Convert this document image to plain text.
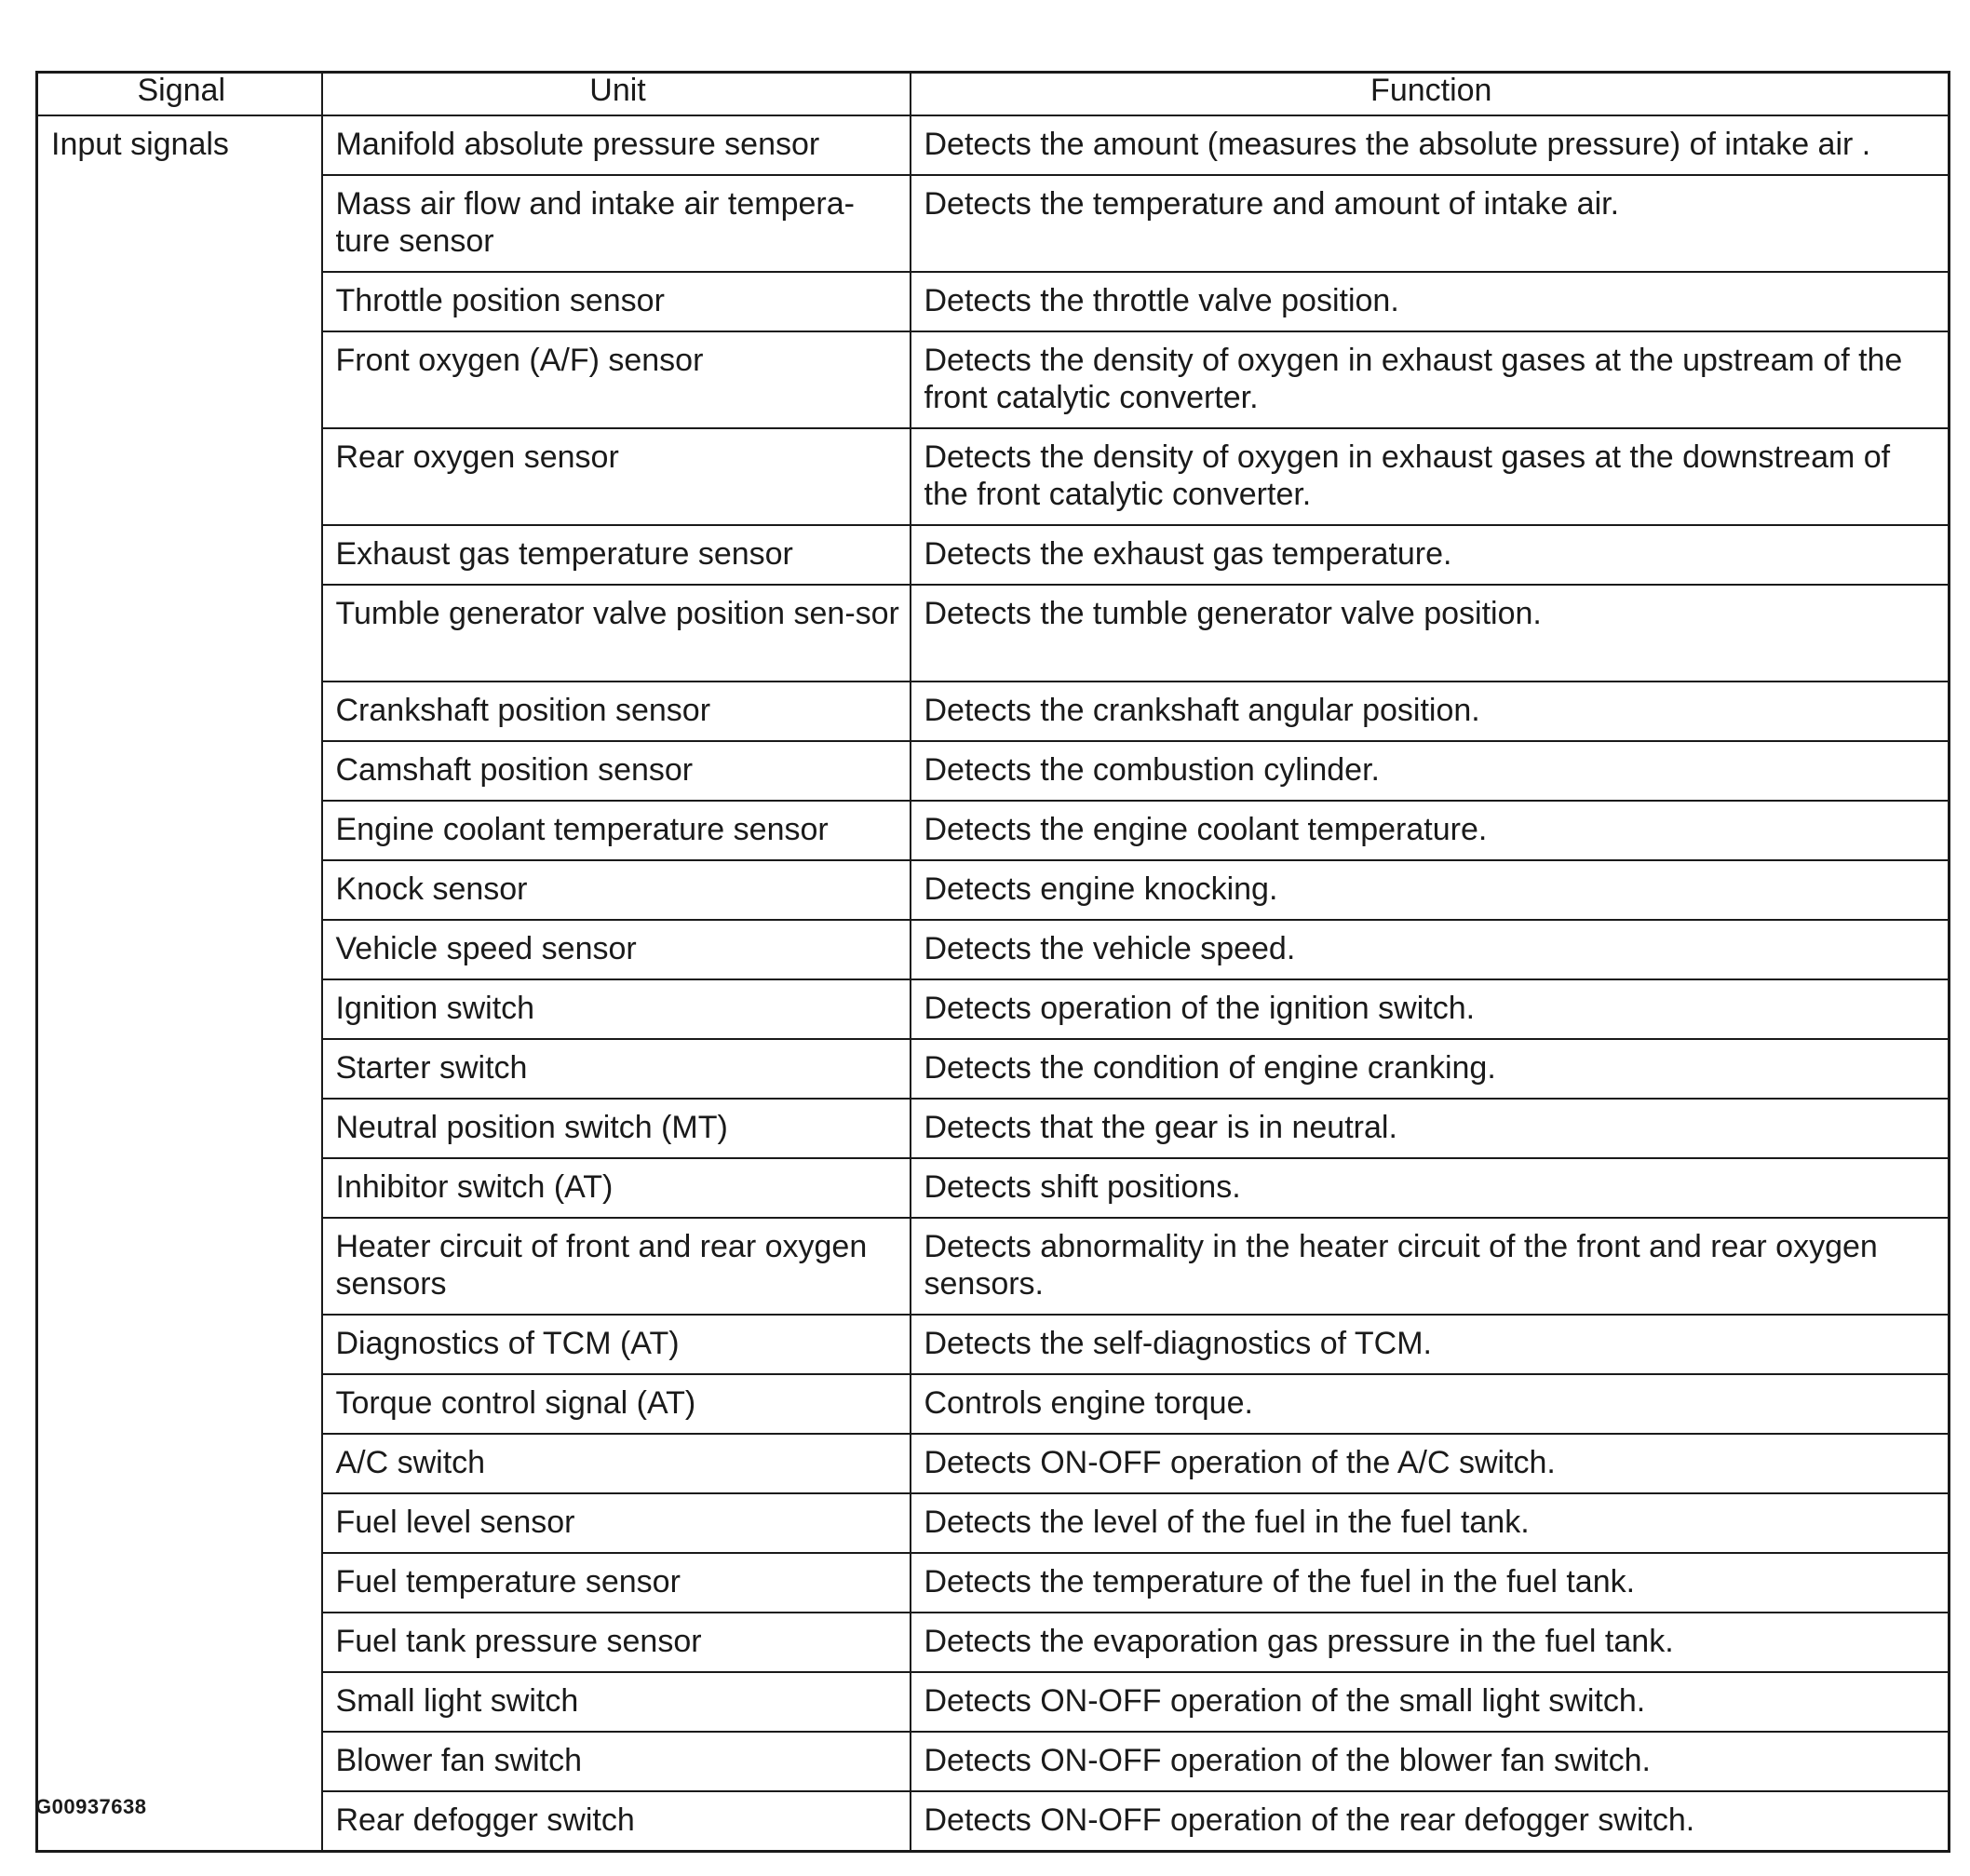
Signal	Unit	Function
Input signals	Manifold absolute pressure sensor	Detects the amount (measures the absolute pressure) of intake air .
	Mass air flow and intake air tempera-ture sensor	Detects the temperature and amount of intake air.
	Throttle position sensor	Detects the throttle valve position.
	Front oxygen (A/F) sensor	Detects the density of oxygen in exhaust gases at the upstream of the front catalytic converter.
	Rear oxygen sensor	Detects the density of oxygen in exhaust gases at the downstream of the front catalytic converter.
	Exhaust gas temperature sensor	Detects the exhaust gas temperature.
	Tumble generator valve position sen-sor	Detects the tumble generator valve position.
	Crankshaft position sensor	Detects the crankshaft angular position.
	Camshaft position sensor	Detects the combustion cylinder.
	Engine coolant temperature sensor	Detects the engine coolant temperature.
	Knock sensor	Detects engine knocking.
	Vehicle speed sensor	Detects the vehicle speed.
	Ignition switch	Detects operation of the ignition switch.
	Starter switch	Detects the condition of engine cranking.
	Neutral position switch (MT)	Detects that the gear is in neutral.
	Inhibitor switch (AT)	Detects shift positions.
	Heater circuit of front and rear oxygen sensors	Detects abnormality in the heater circuit of the front and rear oxygen sensors.
	Diagnostics of TCM (AT)	Detects the self-diagnostics of TCM.
	Torque control signal (AT)	Controls engine torque.
	A/C switch	Detects ON-OFF operation of the A/C switch.
	Fuel level sensor	Detects the level of the fuel in the fuel tank.
	Fuel temperature sensor	Detects the temperature of the fuel in the fuel tank.
	Fuel tank pressure sensor	Detects the evaporation gas pressure in the fuel tank.
	Small light switch	Detects ON-OFF operation of the small light switch.
	Blower fan switch	Detects ON-OFF operation of the blower fan switch.
	Rear defogger switch	Detects ON-OFF operation of the rear defogger switch.
G00937638
